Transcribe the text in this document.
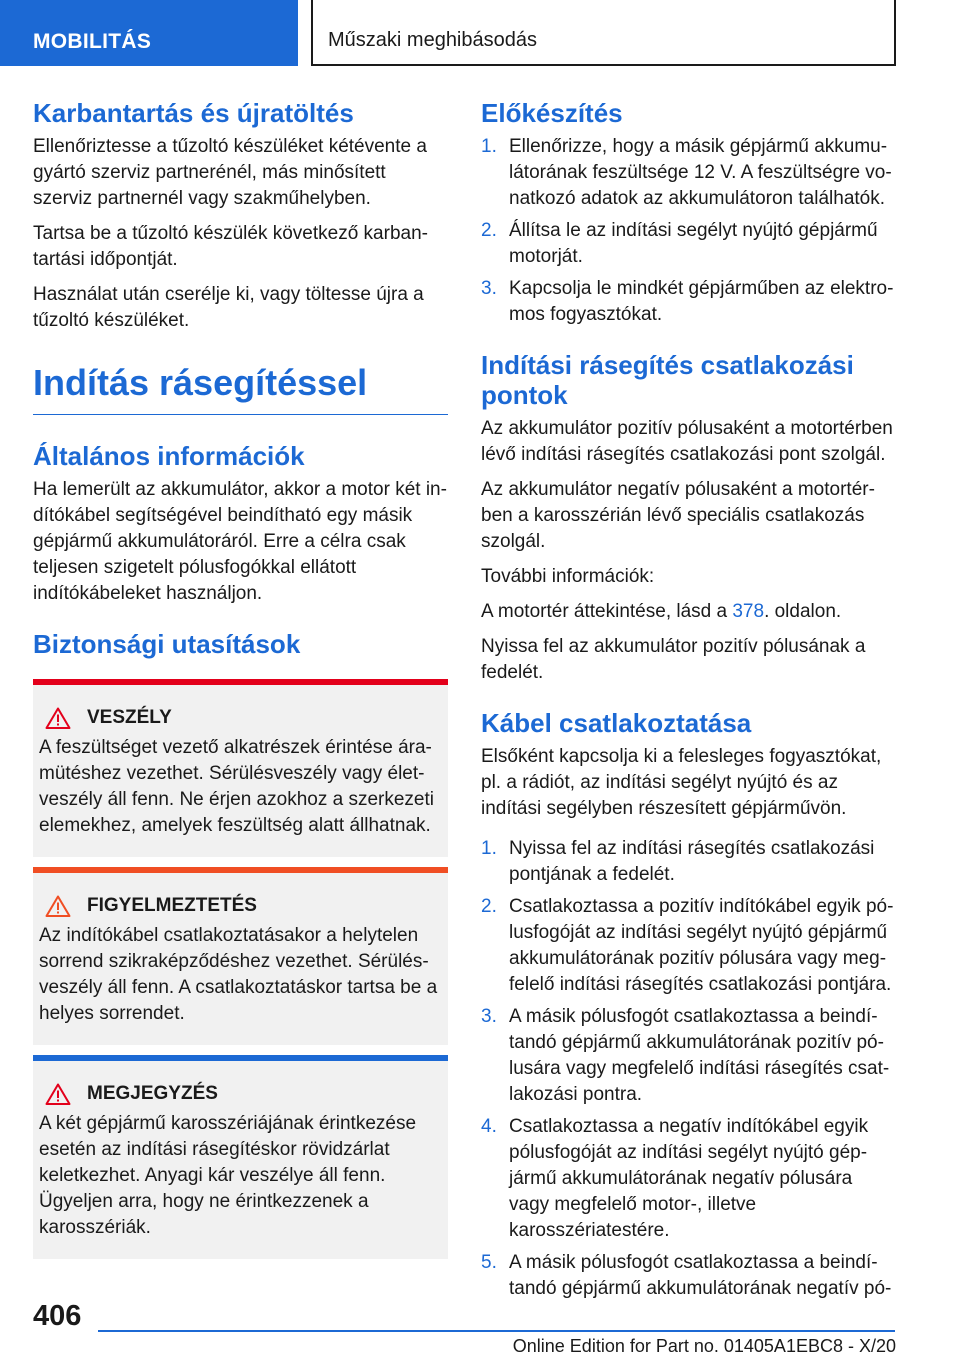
MOBILITÁS	Műszaki meghibásodás
Karbantartás és újratöltés

Ellenőriztesse a tűzoltó készüléket kétévente a gyártó szerviz partnerénél, más minősített szerviz partnernél vagy szakműhelyben.

Tartsa be a tűzoltó készülék következő karbantartási időpontját.

Használat után cserélje ki, vagy töltesse újra a tűzoltó készüléket.

Indítás rásegítéssel
Általános információk

Ha lemerült az akkumulátor, akkor a motor két indítókábel segítségével beindítható egy másik gépjármű akkumulátoráról. Erre a célra csak teljesen szigetelt pólusfogókkal ellátott indítókábeleket használjon.

Biztonsági utasítások
VESZÉLY

A feszültséget vezető alkatrészek érintése áramütéshez vezethet. Sérülésveszély vagy életveszély áll fenn. Ne érjen azokhoz a szerkezeti elemekhez, amelyek feszültség alatt állhatnak.

FIGYELMEZTETÉS

Az indítókábel csatlakoztatásakor a helytelen sorrend szikraképződéshez vezethet. Sérülésveszély áll fenn. A csatlakoztatáskor tartsa be a helyes sorrendet.

MEGJEGYZÉS

A két gépjármű karosszériájának érintkezése esetén az indítási rásegítéskor rövidzárlat keletkezhet. Anyagi kár veszélye áll fenn. Ügyeljen arra, hogy ne érintkezzenek a karosszériák.

Előkészítés
1. Ellenőrizze, hogy a másik gépjármű akkumulátorának feszültsége 12 V. A feszültségre vonatkozó adatok az akkumulátoron találhatók.
2. Állítsa le az indítási segélyt nyújtó gépjármű motorját.
3. Kapcsolja le mindkét gépjárműben az elektromos fogyasztókat.
Indítási rásegítés csatlakozási pontok

Az akkumulátor pozitív pólusaként a motortérben lévő indítási rásegítés csatlakozási pont szolgál.

Az akkumulátor negatív pólusaként a motortérben a karosszérián lévő speciális csatlakozás szolgál.

További információk:

A motortér áttekintése, lásd a 378. oldalon.

Nyissa fel az akkumulátor pozitív pólusának a fedelét.

Kábel csatlakoztatása

Elsőként kapcsolja ki a felesleges fogyasztókat, pl. a rádiót, az indítási segélyt nyújtó és az indítási segélyben részesített gépjárművön.

1. Nyissa fel az indítási rásegítés csatlakozási pontjának a fedelét.
2. Csatlakoztassa a pozitív indítókábel egyik pólusfogóját az indítási segélyt nyújtó gépjármű akkumulátorának pozitív pólusára vagy megfelelő indítási rásegítés csatlakozási pontjára.
3. A másik pólusfogót csatlakoztassa a beindítandó gépjármű akkumulátorának pozitív pólusára vagy megfelelő indítási rásegítés csatlakozási pontra.
4. Csatlakoztassa a negatív indítókábel egyik pólusfogóját az indítási segélyt nyújtó gépjármű akkumulátorának negatív pólusára vagy megfelelő motor-, illetve karosszériatestére.
5. A másik pólusfogót csatlakoztassa a beindítandó gépjármű akkumulátorának negatív pó-
406
Online Edition for Part no. 01405A1EBC8 - X/20
